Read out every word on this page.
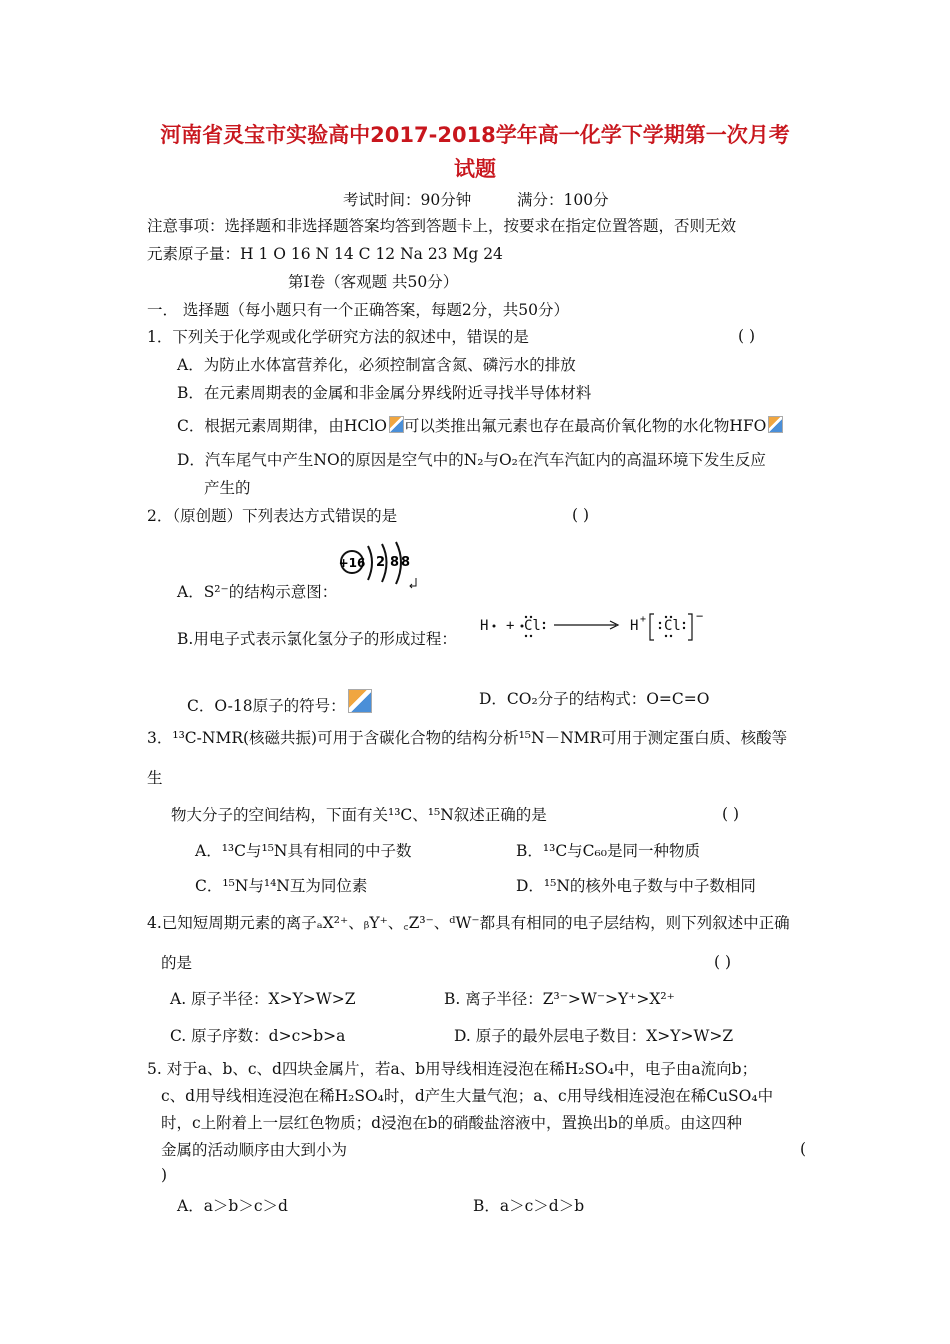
河南省灵宝市实验高中2017-2018学年高一化学下学期第一次月考
试题
考试时间：90分钟	满分：100分
注意事项：选择题和非选择题答案均答到答题卡上，按要求在指定位置答题，否则无效
元素原子量：H 1 O 16 N 14 C 12 Na 23 Mg 24
第Ⅰ卷（客观题 共50分）
一． 选择题（每小题只有一个正确答案，每题2分，共50分）
1．下列关于化学观或化学研究方法的叙述中，错误的是	( )
A．为防止水体富营养化，必须控制富含氮、磷污水的排放
B．在元素周期表的金属和非金属分界线附近寻找半导体材料
C．根据元素周期律，由HClO 可以类推出氟元素也存在最高价氧化物的水化物HFO
D．汽车尾气中产生NO的原因是空气中的N₂与O₂在汽车汽缸内的高温环境下发生反应
产生的
2．（原创题）下列表达方式错误的是	( )
+16 2 8 8
A．S²⁻的结构示意图：
B.用电子式表示氯化氢分子的形成过程：
H + Cl	H + Cl
−
C．O-18原子的符号：	D．CO₂分子的结构式：O=C=O
3．¹³C-NMR(核磁共振)可用于含碳化合物的结构分析¹⁵N－NMR可用于测定蛋白质、核酸等
生
物大分子的空间结构，下面有关¹³C、¹⁵N叙述正确的是	( )
A．¹³C与¹⁵N具有相同的中子数	B．¹³C与C₆₀是同一种物质
C．¹⁵N与¹⁴N互为同位素	D．¹⁵N的核外电子数与中子数相同
4.已知短周期元素的离子ₐX²⁺、ᵦY⁺、꜀Z³⁻、ᵈW⁻都具有相同的电子层结构，则下列叙述中正确
的是	( )
A. 原子半径：X>Y>W>Z	B. 离子半径：Z³⁻>W⁻>Y⁺>X²⁺
C. 原子序数：d>c>b>a	D. 原子的最外层电子数目：X>Y>W>Z
5. 对于a、b、c、d四块金属片，若a、b用导线相连浸泡在稀H₂SO₄中，电子由a流向b；
c、d用导线相连浸泡在稀H₂SO₄时，d产生大量气泡；a、c用导线相连浸泡在稀CuSO₄中
时，c上附着上一层红色物质；d浸泡在b的硝酸盐溶液中，置换出b的单质。由这四种
金属的活动顺序由大到小为	(
)
A．a＞b＞c＞d	B．a＞c＞d＞b
